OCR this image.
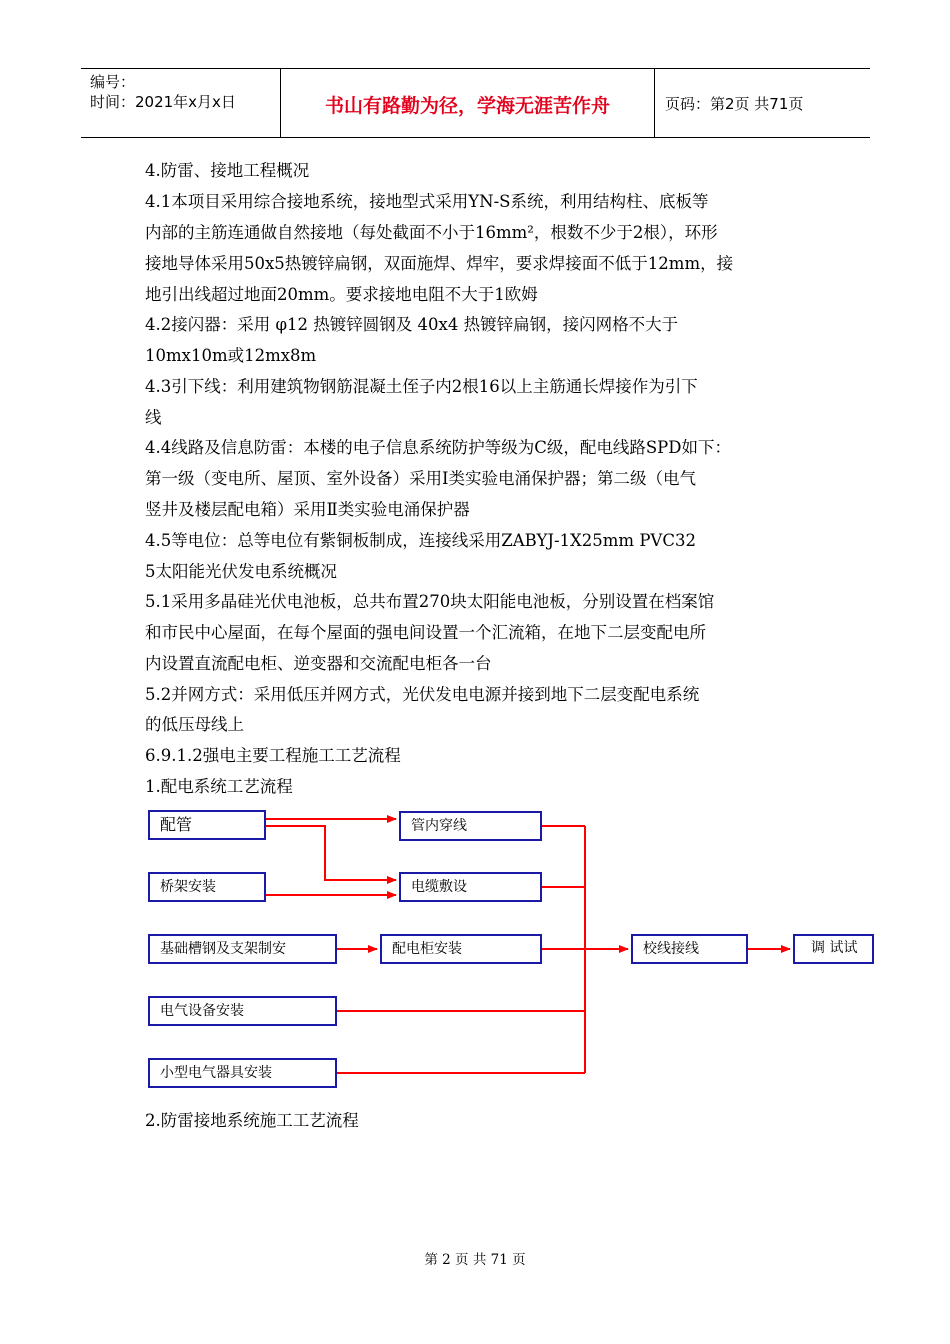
编号：
时间：2021年x月x日	书山有路勤为径，学海无涯苦作舟	页码：第2页 共71页
4.防雷、接地工程概况
4.1本项目采用综合接地系统，接地型式采用YN-S系统，利用结构柱、底板等
内部的主筋连通做自然接地（每处截面不小于16mm²，根数不少于2根），环形
接地导体采用50x5热镀锌扁钢，双面施焊、焊牢，要求焊接面不低于12mm，接
地引出线超过地面20mm。要求接地电阻不大于1欧姆
4.2接闪器：采用 φ12 热镀锌圆钢及 40x4 热镀锌扁钢，接闪网格不大于
10mx10m或12mx8m
4.3引下线：利用建筑物钢筋混凝土侄子内2根16以上主筋通长焊接作为引下
线
4.4线路及信息防雷：本楼的电子信息系统防护等级为C级，配电线路SPD如下：
第一级（变电所、屋顶、室外设备）采用Ⅰ类实验电涌保护器；第二级（电气
竖井及楼层配电箱）采用Ⅱ类实验电涌保护器
4.5等电位：总等电位有紫铜板制成，连接线采用ZABYJ-1X25mm PVC32
5太阳能光伏发电系统概况
5.1采用多晶硅光伏电池板，总共布置270块太阳能电池板，分别设置在档案馆
和市民中心屋面，在每个屋面的强电间设置一个汇流箱，在地下二层变配电所
内设置直流配电柜、逆变器和交流配电柜各一台
5.2并网方式：采用低压并网方式，光伏发电电源并接到地下二层变配电系统
的低压母线上
6.9.1.2强电主要工程施工工艺流程
1.配电系统工艺流程
2.防雷接地系统施工工艺流程
配管	管内穿线
桥架安装	电缆敷设
基础槽钢及支架制安	配电柜安装	校线接线	调 试试
电气设备安装
小型电气器具安装
第 2 页 共 71 页
